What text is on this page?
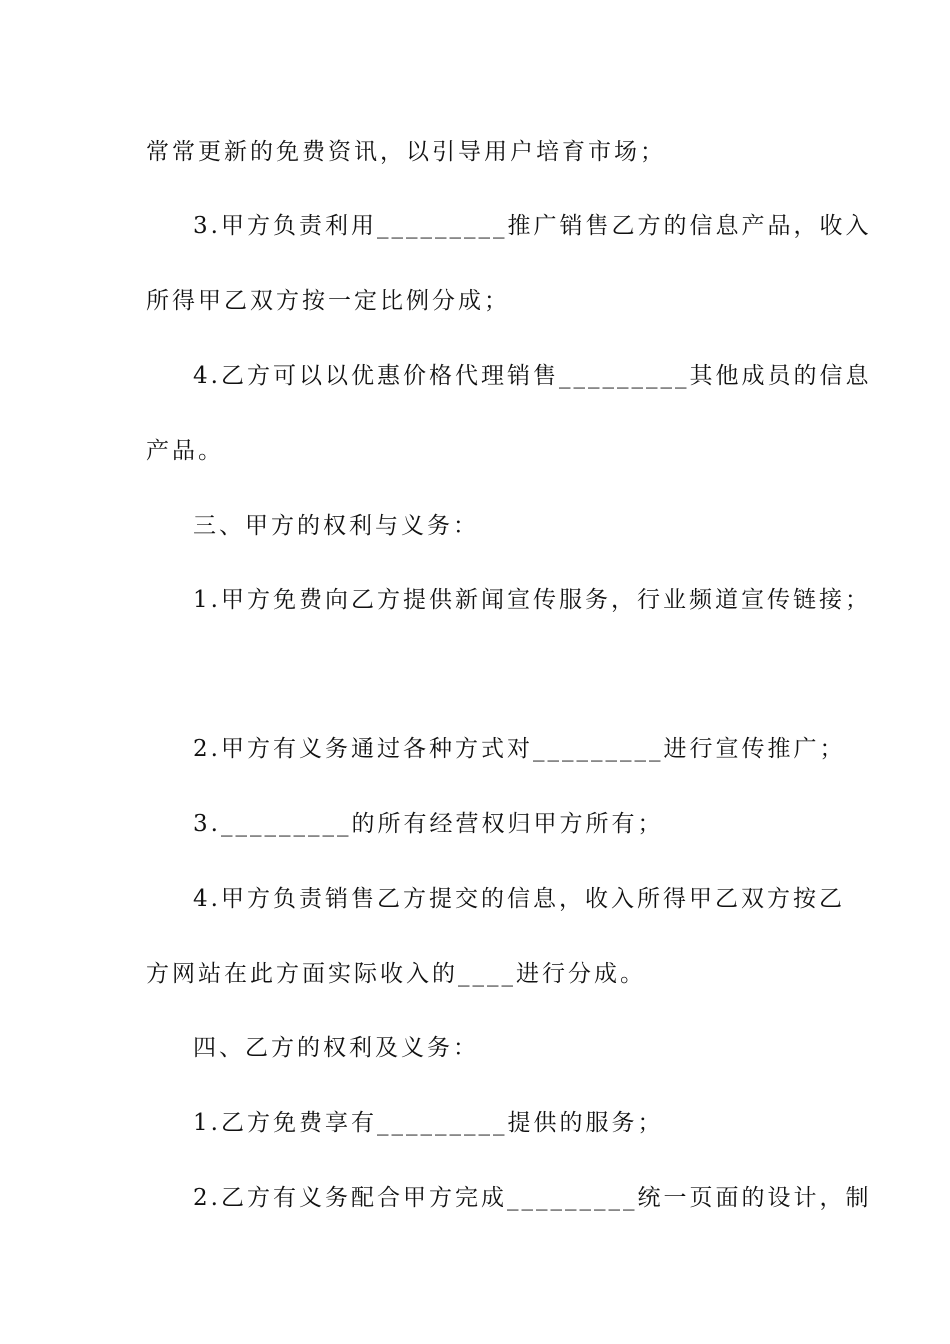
常常更新的免费资讯，以引导用户培育市场；
3.甲方负责利用_________推广销售乙方的信息产品，收入
所得甲乙双方按一定比例分成；
4.乙方可以以优惠价格代理销售_________其他成员的信息
产品。
三、甲方的权利与义务：
1.甲方免费向乙方提供新闻宣传服务，行业频道宣传链接；
2.甲方有义务通过各种方式对_________进行宣传推广；
3._________的所有经营权归甲方所有；
4.甲方负责销售乙方提交的信息，收入所得甲乙双方按乙
方网站在此方面实际收入的____进行分成。
四、乙方的权利及义务：
1.乙方免费享有_________提供的服务；
2.乙方有义务配合甲方完成_________统一页面的设计，制
